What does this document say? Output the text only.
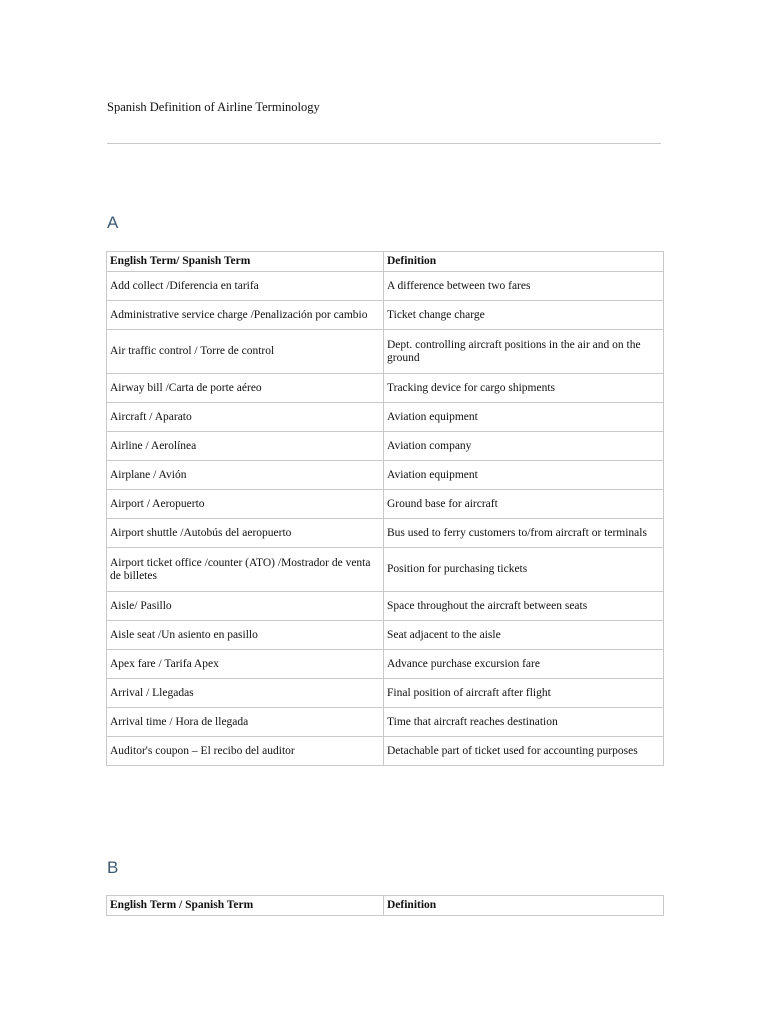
Spanish Definition of Airline Terminology
A
English Term/ Spanish Term	Definition
Add collect /Diferencia en tarifa	A difference between two fares
Administrative service charge /Penalización por cambio	Ticket change charge
Air traffic control / Torre de control	Dept. controlling aircraft positions in the air and on the ground
Airway bill /Carta de porte aéreo	Tracking device for cargo shipments
Aircraft / Aparato	Aviation equipment
Airline / Aerolínea	Aviation company
Airplane / Avión	Aviation equipment
Airport / Aeropuerto	Ground base for aircraft
Airport shuttle /Autobús del aeropuerto	Bus used to ferry customers to/from aircraft or terminals
Airport ticket office /counter (ATO) /Mostrador de venta de billetes	Position for purchasing tickets
Aisle/ Pasillo	Space throughout the aircraft between seats
Aisle seat /Un asiento en pasillo	Seat adjacent to the aisle
Apex fare / Tarifa Apex	Advance purchase excursion fare
Arrival / Llegadas	Final position of aircraft after flight
Arrival time / Hora de llegada	Time that aircraft reaches destination
Auditor's coupon – El recibo del auditor	Detachable part of ticket used for accounting purposes
B
English Term / Spanish Term	Definition
